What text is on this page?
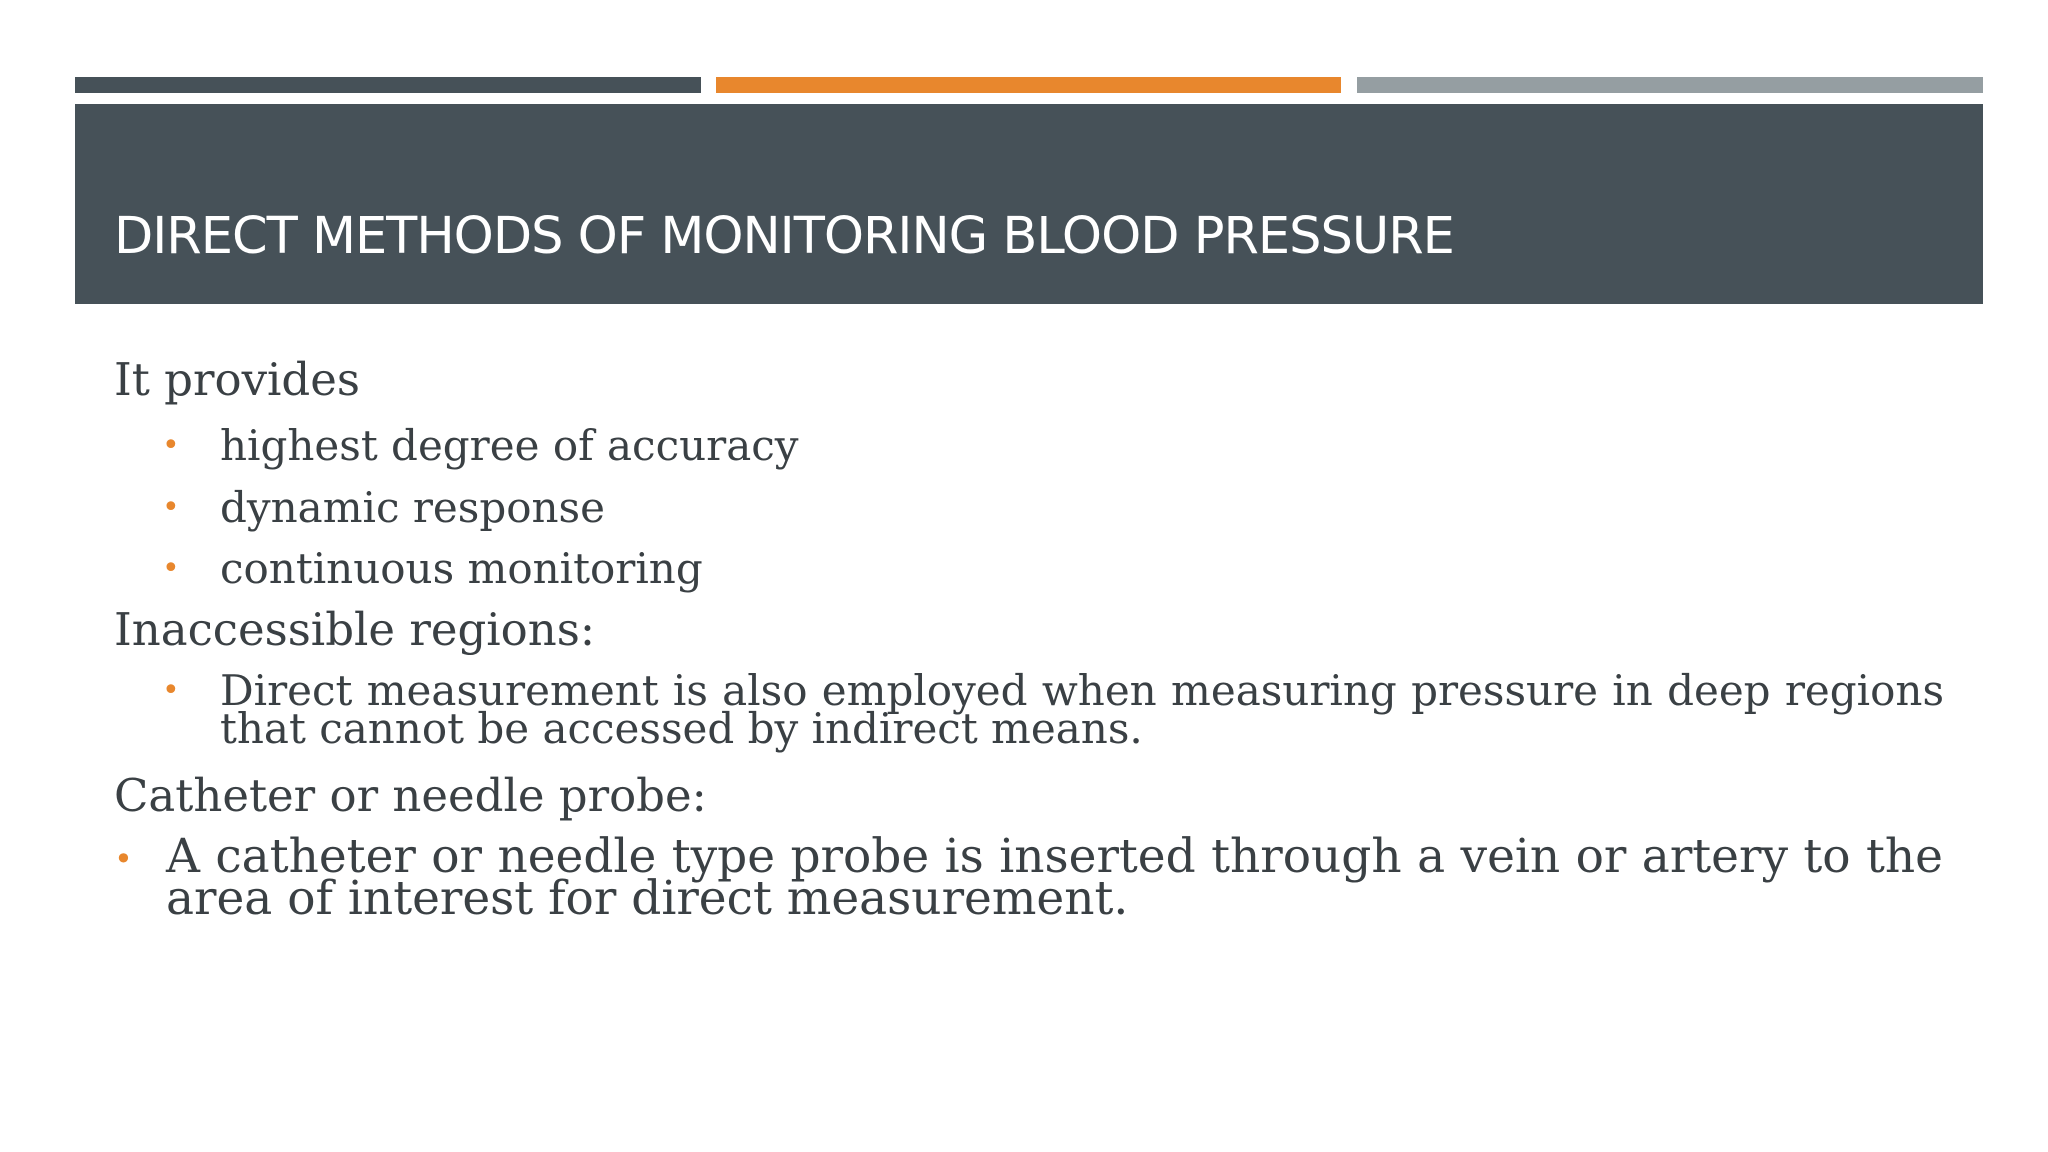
DIRECT METHODS OF MONITORING BLOOD PRESSURE

It provides

• highest degree of accuracy
• dynamic response
• continuous monitoring

Inaccessible regions:

• Direct measurement is also employed when measuring pressure in deep regions that cannot be accessed by indirect means.

Catheter or needle probe:

• A catheter or needle type probe is inserted through a vein or artery to the area of interest for direct measurement.
